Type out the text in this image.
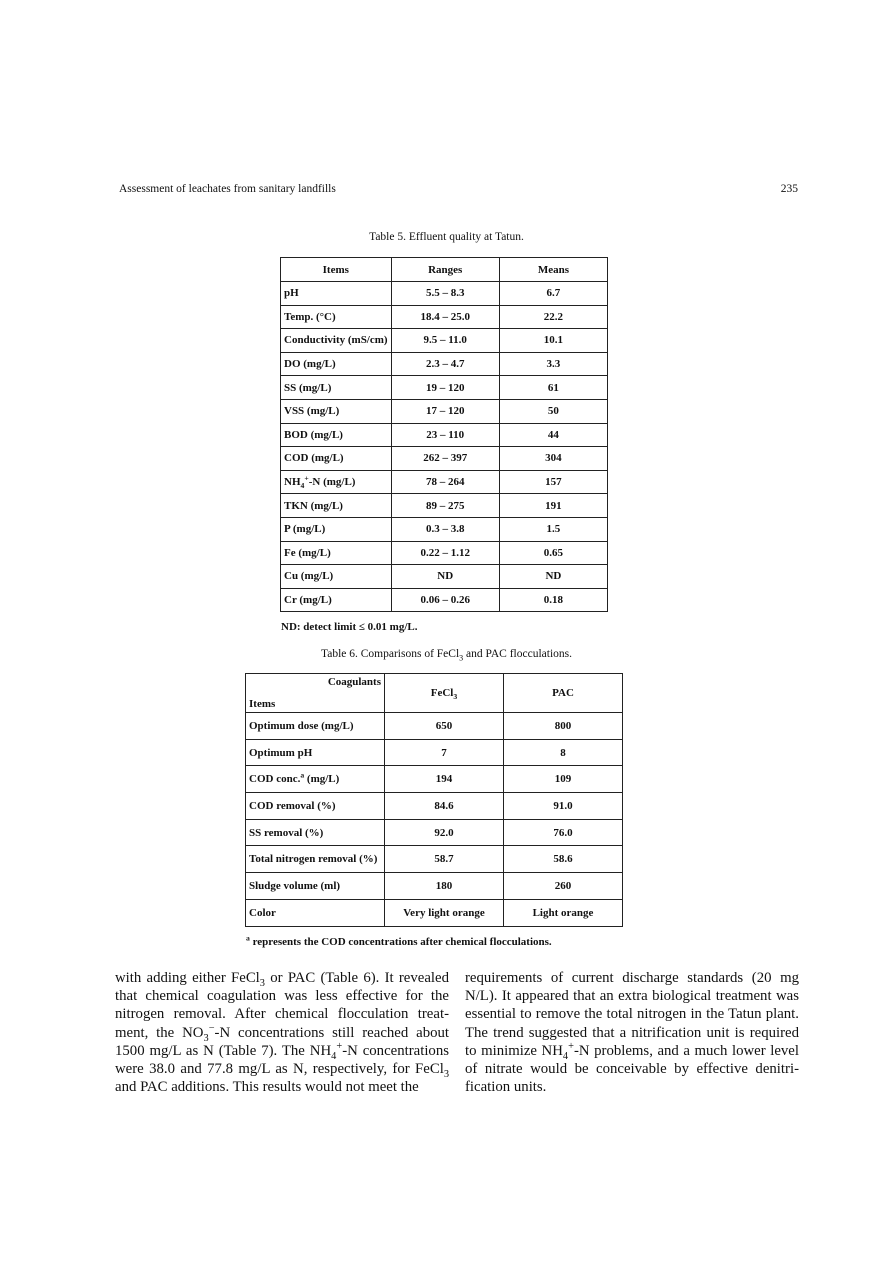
Assessment of leachates from sanitary landfills	235
Table 5. Effluent quality at Tatun.
Items	Ranges	Means
pH	5.5 – 8.3	6.7
Temp. (°C)	18.4 – 25.0	22.2
Conductivity (mS/cm)	9.5 – 11.0	10.1
DO (mg/L)	2.3 – 4.7	3.3
SS (mg/L)	19 – 120	61
VSS (mg/L)	17 – 120	50
BOD (mg/L)	23 – 110	44
COD (mg/L)	262 – 397	304
$NH_4^+-N$ (mg/L)	78 – 264	157
TKN (mg/L)	89 – 275	191
P (mg/L)	0.3 – 3.8	1.5
Fe (mg/L)	0.22 – 1.12	0.65
Cu (mg/L)	ND	ND
Cr (mg/L)	0.06 – 0.26	0.18
ND: detect limit ≤ 0.01 mg/L.
Table 6. Comparisons of FeCl$_3$ and PAC flocculations.
Coagulants
Items	FeCl$_3$	PAC
Optimum dose (mg/L)	650	800
Optimum pH	7	8
COD conc.$^a$ (mg/L)	194	109
COD removal (%)	84.6	91.0
SS removal (%)	92.0	76.0
Total nitrogen removal (%)	58.7	58.6
Sludge volume (ml)	180	260
Color	Very light orange	Light orange
$^a$ represents the COD concentrations after chemical flocculations.
with adding either FeCl$_3$ or PAC (Table 6). It revealed that chemical coagulation was less effective for the nitrogen removal. After chemical flocculation treatment, the $NO_3^--N$ concentrations still reached about 1500 mg/L as N (Table 7). The $NH_4^+-N$ concentrations were 38.0 and 77.8 mg/L as N, respectively, for FeCl$_3$ and PAC additions. This results would not meet the
requirements of current discharge standards (20 mg N/L). It appeared that an extra biological treatment was essential to remove the total nitrogen in the Tatun plant. The trend suggested that a nitrification unit is required to minimize $NH_4^+-N$ problems, and a much lower level of nitrate would be conceivable by effective denitrification units.
